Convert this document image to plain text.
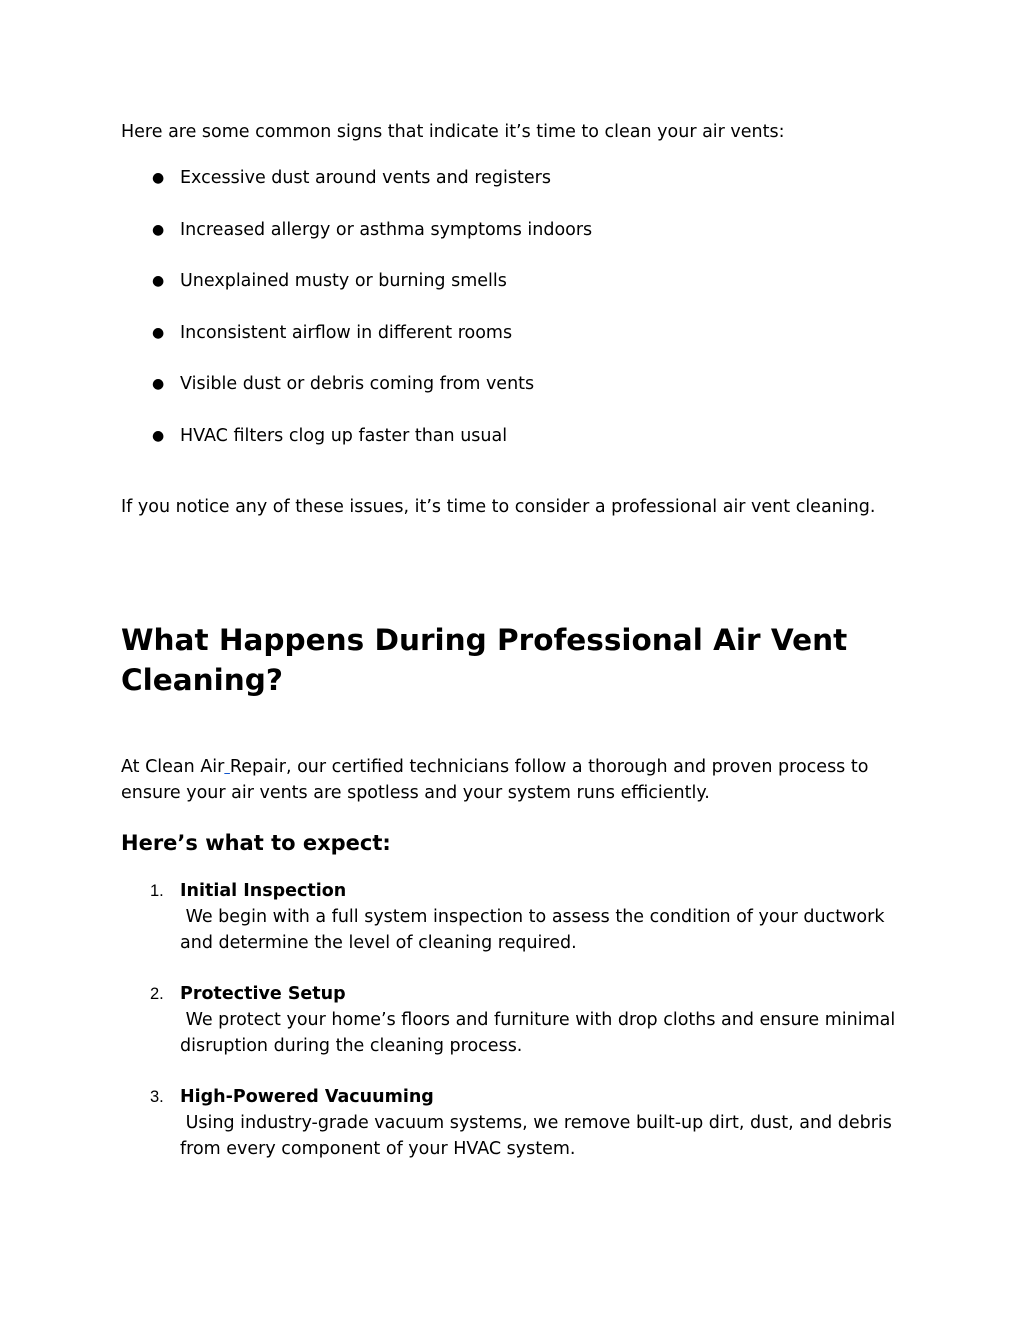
Here are some common signs that indicate it’s time to clean your air vents:

● Excessive dust around vents and registers
● Increased allergy or asthma symptoms indoors
● Unexplained musty or burning smells
● Inconsistent airflow in different rooms
● Visible dust or debris coming from vents
● HVAC filters clog up faster than usual

If you notice any of these issues, it’s time to consider a professional air vent cleaning.

What Happens During Professional Air Vent Cleaning?

At Clean Air Repair, our certified technicians follow a thorough and proven process to ensure your air vents are spotless and your system runs efficiently.

Here’s what to expect:
1. Initial Inspection
We begin with a full system inspection to assess the condition of your ductwork and determine the level of cleaning required.
2. Protective Setup
We protect your home’s floors and furniture with drop cloths and ensure minimal disruption during the cleaning process.
3. High-Powered Vacuuming
Using industry-grade vacuum systems, we remove built-up dirt, dust, and debris from every component of your HVAC system.
